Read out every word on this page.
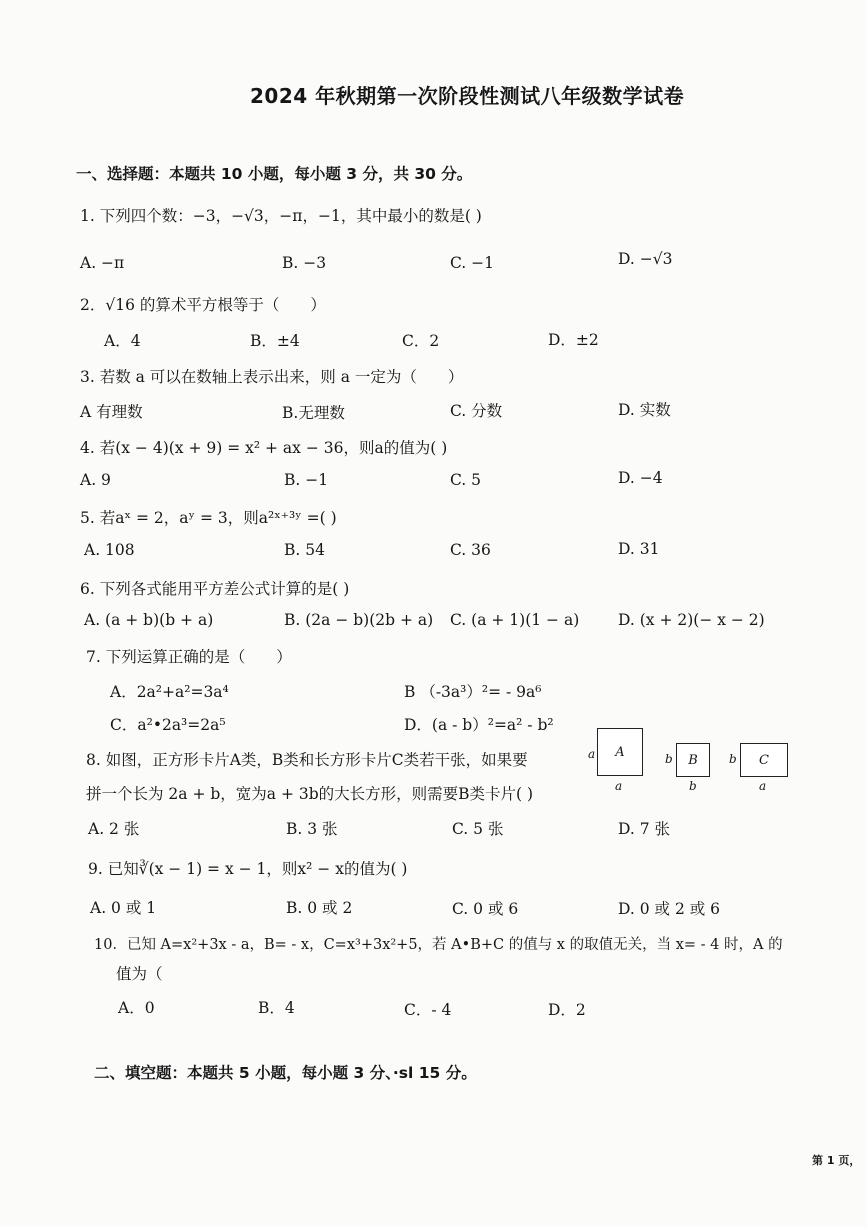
2024 年秋期第一次阶段性测试八年级数学试卷
一、选择题：本题共 10 小题，每小题 3 分，共 30 分。
1. 下列四个数：−3，−√3，−π，−1，其中最小的数是( )
A. −π	B. −3	C. −1	D. −√3
2．√16 的算术平方根等于（　　）
A．4	B．±4	C．2	D．±2
3. 若数 a 可以在数轴上表示出来，则 a 一定为（　　）
A 有理数	B.无理数	C. 分数	D. 实数
4. 若(x − 4)(x + 9) = x² + ax − 36，则a的值为( )
A. 9	B. −1	C. 5	D. −4
5. 若aˣ = 2，aʸ = 3，则a²ˣ⁺³ʸ =( )
A. 108	B. 54	C. 36	D. 31
6. 下列各式能用平方差公式计算的是( )
A. (a + b)(b + a)	B. (2a − b)(2b + a) C. (a + 1)(1 − a)	D. (x + 2)(− x − 2)
7. 下列运算正确的是（　　）
A．2a²+a²=3a⁴	B （-3a³）²= - 9a⁶
C．a²•2a³=2a⁵	D．(a - b）²=a² - b²
8. 如图，正方形卡片A类，B类和长方形卡片C类若干张，如果要
拼一个长为 2a + b，宽为a + 3b的大长方形，则需要B类卡片( )
a A
a
b B
b
b C
a
A. 2 张	B. 3 张	C. 5 张	D. 7 张
9. 已知∛(x − 1) = x − 1，则x² − x的值为( )
A. 0 或 1	B. 0 或 2	C. 0 或 6	D. 0 或 2 或 6
10．已知 A=x²+3x - a，B= - x，C=x³+3x²+5，若 A•B+C 的值与 x 的取值无关，当 x= - 4 时，A 的
值为（
A．0	B．4	C．- 4	D．2
二、填空题：本题共 5 小题，每小题 3 分、·sl 15 分。
第 1 页，
